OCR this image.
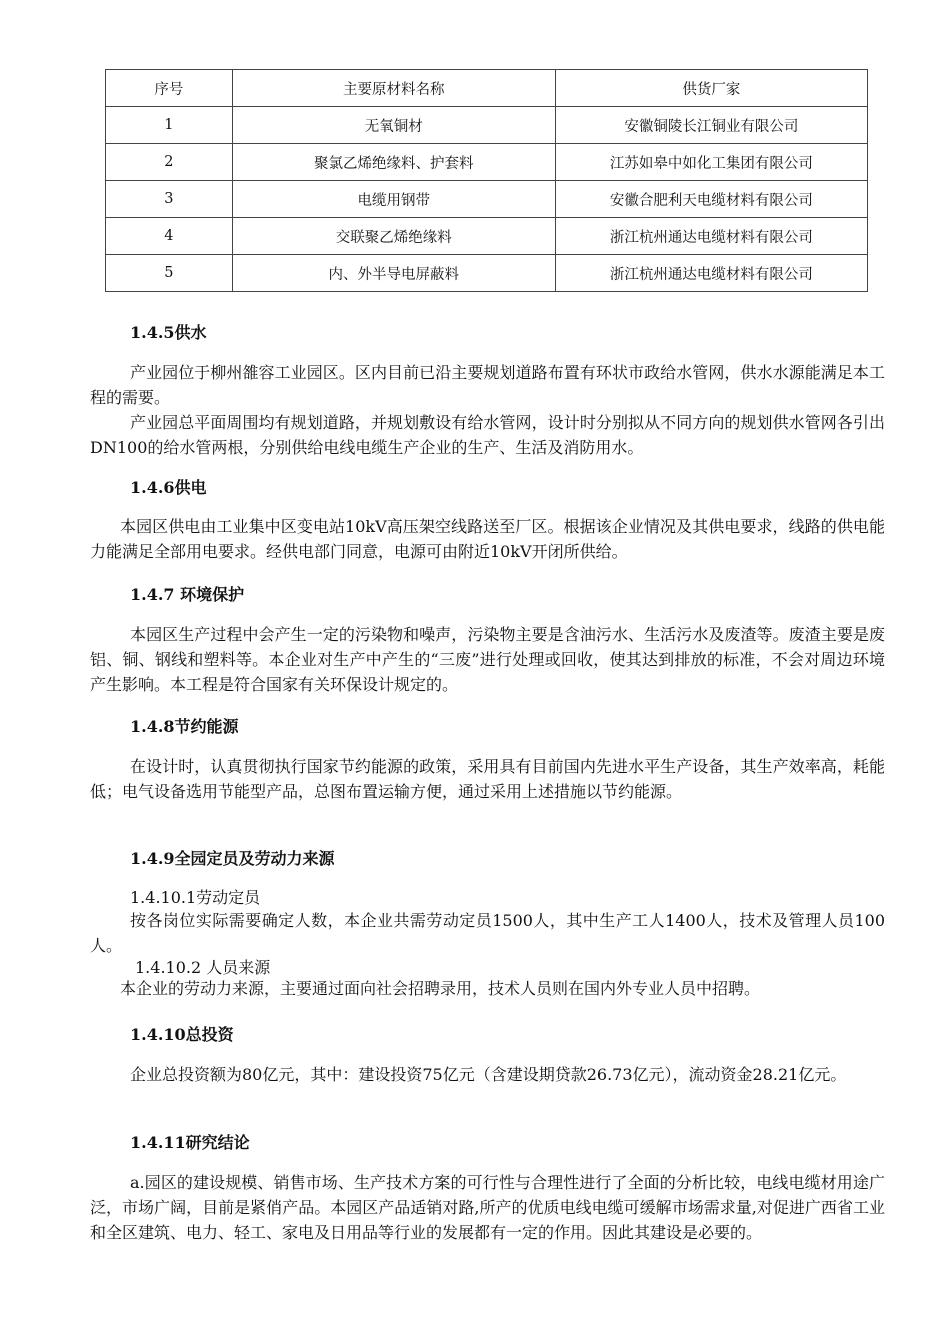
序号	主要原材料名称	供货厂家
1	无氧铜材	安徽铜陵长江铜业有限公司
2	聚氯乙烯绝缘料、护套料	江苏如皋中如化工集团有限公司
3	电缆用钢带	安徽合肥利天电缆材料有限公司
4	交联聚乙烯绝缘料	浙江杭州通达电缆材料有限公司
5	内、外半导电屏蔽料	浙江杭州通达电缆材料有限公司
1.4.5供水
产业园位于柳州雒容工业园区。区内目前已沿主要规划道路布置有环状市政给水管网，供水水源能满足本工程的需要。
产业园总平面周围均有规划道路，并规划敷设有给水管网，设计时分别拟从不同方向的规划供水管网各引出DN100的给水管两根，分别供给电线电缆生产企业的生产、生活及消防用水。
1.4.6供电
本园区供电由工业集中区变电站10kV高压架空线路送至厂区。根据该企业情况及其供电要求，线路的供电能力能满足全部用电要求。经供电部门同意，电源可由附近10kV开闭所供给。
1.4.7 环境保护
本园区生产过程中会产生一定的污染物和噪声，污染物主要是含油污水、生活污水及废渣等。废渣主要是废铝、铜、钢线和塑料等。本企业对生产中产生的“三废”进行处理或回收，使其达到排放的标准，不会对周边环境产生影响。本工程是符合国家有关环保设计规定的。
1.4.8节约能源
在设计时，认真贯彻执行国家节约能源的政策，采用具有目前国内先进水平生产设备，其生产效率高，耗能低；电气设备选用节能型产品，总图布置运输方便，通过采用上述措施以节约能源。
1.4.9全园定员及劳动力来源
1.4.10.1劳动定员
按各岗位实际需要确定人数，本企业共需劳动定员1500人，其中生产工人1400人，技术及管理人员100人。
1.4.10.2 人员来源
本企业的劳动力来源，主要通过面向社会招聘录用，技术人员则在国内外专业人员中招聘。
1.4.10总投资
企业总投资额为80亿元，其中：建设投资75亿元（含建设期贷款26.73亿元），流动资金28.21亿元。
1.4.11研究结论
a.园区的建设规模、销售市场、生产技术方案的可行性与合理性进行了全面的分析比较，电线电缆材用途广泛，市场广阔，目前是紧俏产品。本园区产品适销对路,所产的优质电线电缆可缓解市场需求量,对促进广西省工业和全区建筑、电力、轻工、家电及日用品等行业的发展都有一定的作用。因此其建设是必要的。
